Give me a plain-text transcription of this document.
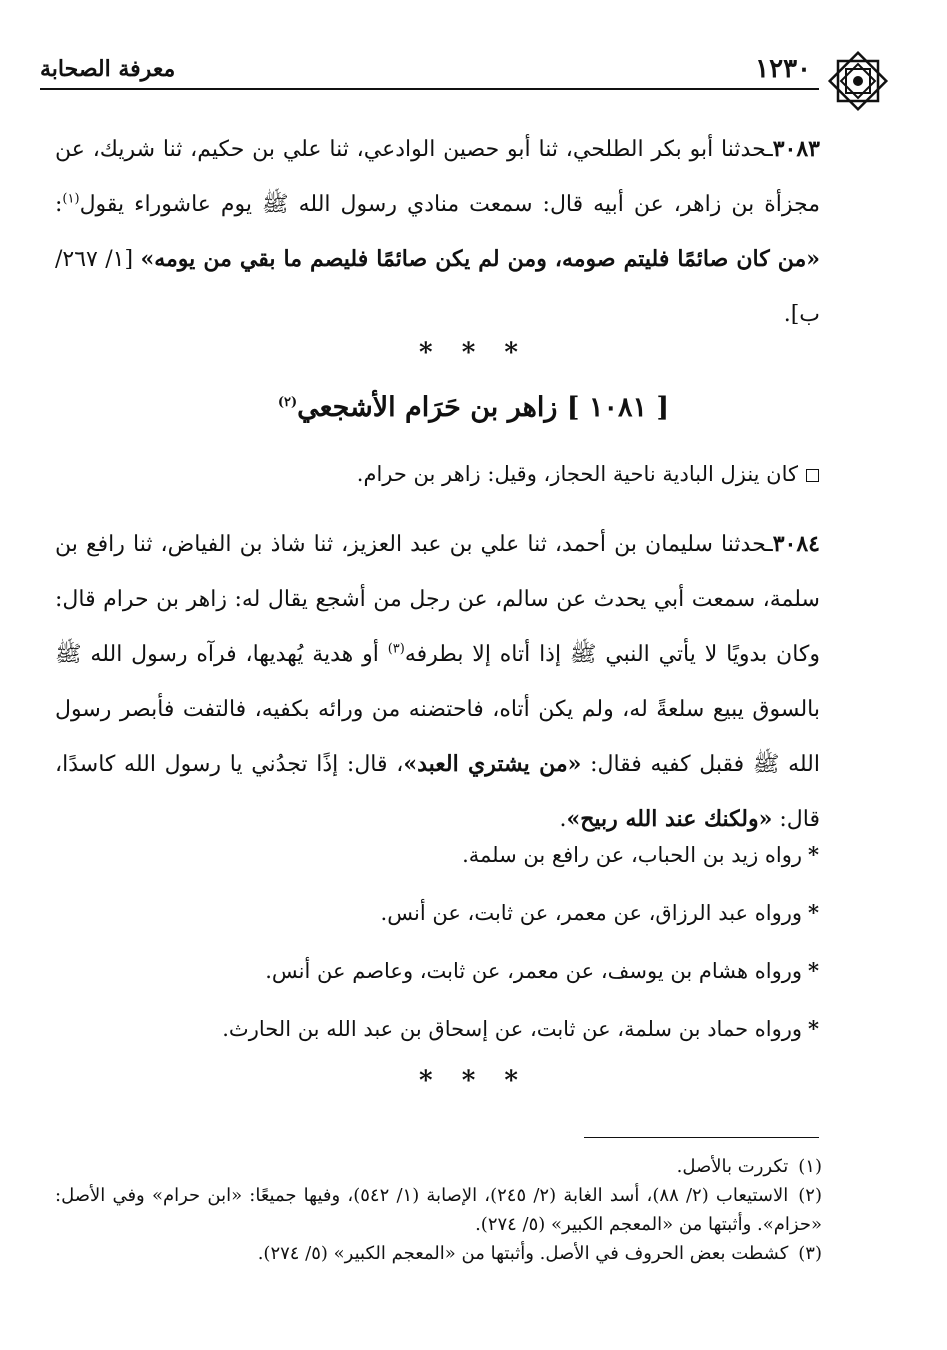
١٢٣٠
معرفة الصحابة

٣٠٨٣ـحدثنا أبو بكر الطلحي، ثنا أبو حصين الوادعي، ثنا علي بن حكيم، ثنا شريك، عن مجزأة بن زاهر، عن أبيه قال: سمعت منادي رسول الله ﷺ يوم عاشوراء يقول$^{(١)}$: «من كان صائمًا فليتم صومه، ومن لم يكن صائمًا فليصم ما بقي من يومه» [١/ ٢٦٧/ ب].

* * *
[ ١٠٨١ ] زاهر بن حَرَام الأشجعي$^{(٢)}$
كان ينزل البادية ناحية الحجاز، وقيل: زاهر بن حرام.

٣٠٨٤ـحدثنا سليمان بن أحمد، ثنا علي بن عبد العزيز، ثنا شاذ بن الفياض، ثنا رافع بن سلمة، سمعت أبي يحدث عن سالم، عن رجل من أشجع يقال له: زاهر بن حرام قال: وكان بدويًا لا يأتي النبي ﷺ إذا أتاه إلا بطرفه$^{(٣)}$ أو هدية يُهديها، فرآه رسول الله ﷺ بالسوق يبيع سلعةً له، ولم يكن أتاه، فاحتضنه من ورائه بكفيه، فالتفت فأبصر رسول الله ﷺ فقبل كفيه فقال: «من يشتري العبد»، قال: إذًا تجدُني يا رسول الله كاسدًا، قال: «ولكنك عند الله ربيح».

*رواه زيد بن الحباب، عن رافع بن سلمة.

*ورواه عبد الرزاق، عن معمر، عن ثابت، عن أنس.

*ورواه هشام بن يوسف، عن معمر، عن ثابت، وعاصم عن أنس.

*ورواه حماد بن سلمة، عن ثابت، عن إسحاق بن عبد الله بن الحارث.

* * *

(١)تكررت بالأصل.

(٢)الاستيعاب (٢/ ٨٨)، أسد الغابة (٢/ ٢٤٥)، الإصابة (١/ ٥٤٢)، وفيها جميعًا: «ابن حرام» وفي الأصل: «حزام». وأثبتها من «المعجم الكبير» (٥/ ٢٧٤).

(٣)كشطت بعض الحروف في الأصل. وأثبتها من «المعجم الكبير» (٥/ ٢٧٤).
